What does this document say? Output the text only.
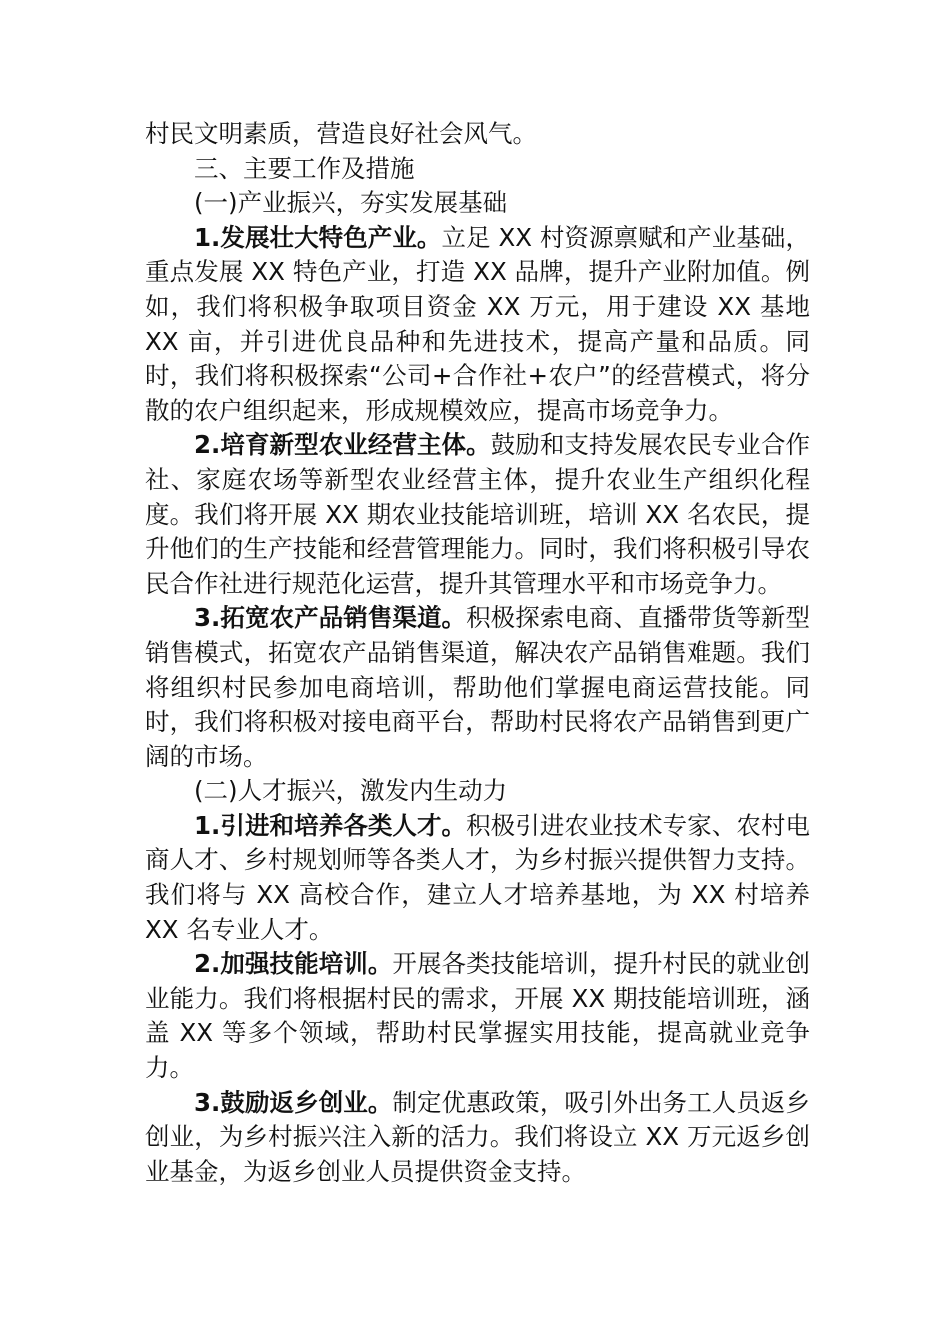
村民文明素质，营造良好社会风气。

三、主要工作及措施

(一)产业振兴，夯实发展基础

1.发展壮大特色产业。立足 XX 村资源禀赋和产业基础，重点发展 XX 特色产业，打造 XX 品牌，提升产业附加值。例如，我们将积极争取项目资金 XX 万元，用于建设 XX 基地 XX 亩，并引进优良品种和先进技术，提高产量和品质。同时，我们将积极探索“公司+合作社+农户”的经营模式，将分散的农户组织起来，形成规模效应，提高市场竞争力。

2.培育新型农业经营主体。鼓励和支持发展农民专业合作社、家庭农场等新型农业经营主体，提升农业生产组织化程度。我们将开展 XX 期农业技能培训班，培训 XX 名农民，提升他们的生产技能和经营管理能力。同时，我们将积极引导农民合作社进行规范化运营，提升其管理水平和市场竞争力。

3.拓宽农产品销售渠道。积极探索电商、直播带货等新型销售模式，拓宽农产品销售渠道，解决农产品销售难题。我们将组织村民参加电商培训，帮助他们掌握电商运营技能。同时，我们将积极对接电商平台，帮助村民将农产品销售到更广阔的市场。

(二)人才振兴，激发内生动力

1.引进和培养各类人才。积极引进农业技术专家、农村电商人才、乡村规划师等各类人才，为乡村振兴提供智力支持。我们将与 XX 高校合作，建立人才培养基地，为 XX 村培养 XX 名专业人才。

2.加强技能培训。开展各类技能培训，提升村民的就业创业能力。我们将根据村民的需求，开展 XX 期技能培训班，涵盖 XX 等多个领域，帮助村民掌握实用技能，提高就业竞争力。

3.鼓励返乡创业。制定优惠政策，吸引外出务工人员返乡创业，为乡村振兴注入新的活力。我们将设立 XX 万元返乡创业基金，为返乡创业人员提供资金支持。
